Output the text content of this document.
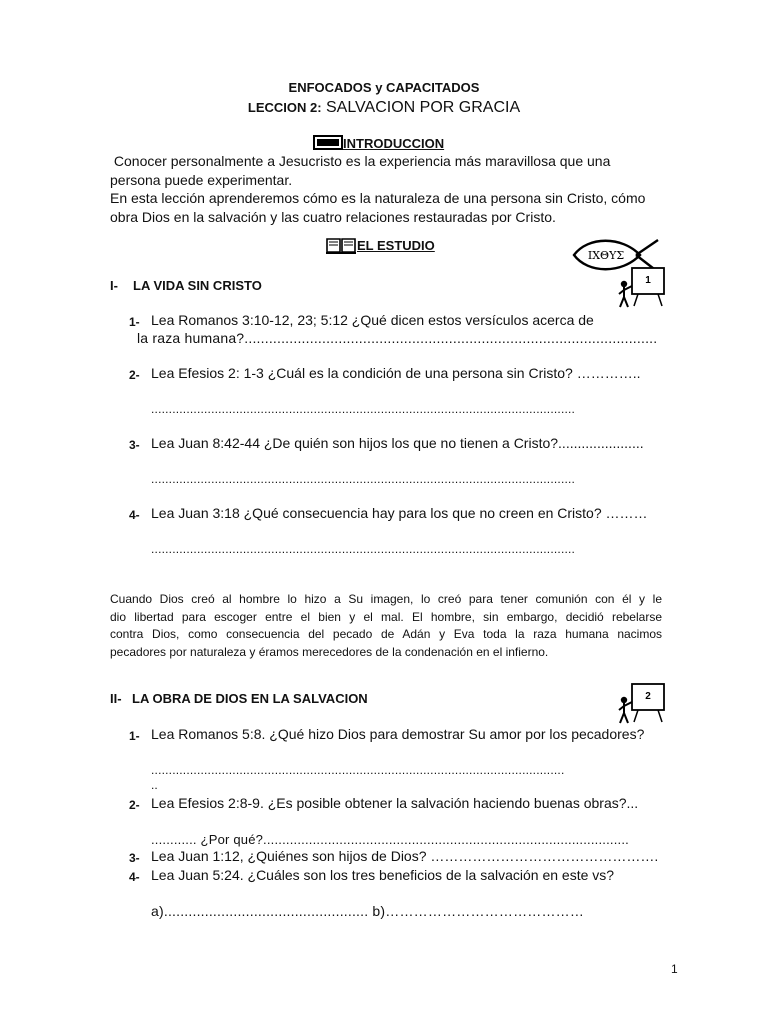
ENFOCADOS y CAPACITADOS
LECCION 2: SALVACION POR GRACIA
INTRODUCCION
Conocer personalmente a Jesucristo es la experiencia más maravillosa que una
persona puede experimentar.
En esta lección aprenderemos cómo es la naturaleza de una persona sin Cristo, cómo
obra Dios en la salvación y las cuatro relaciones restauradas por Cristo.
EL ESTUDIO
IXΘYΣ
I- LA VIDA SIN CRISTO	1
1- Lea Romanos 3:10-12, 23; 5:12 ¿Qué dicen estos versículos acerca de
la raza humana?.....................................................................................................
2- Lea Efesios 2: 1-3 ¿Cuál es la condición de una persona sin Cristo? …………..
........................................................................................................................
3- Lea Juan 8:42-44 ¿De quién son hijos los que no tienen a Cristo?......................
........................................................................................................................
4- Lea Juan 3:18 ¿Qué consecuencia hay para los que no creen en Cristo? ………
........................................................................................................................
Cuando Dios creó al hombre lo hizo a Su imagen, lo creó para tener comunión con él y le
dio libertad para escoger entre el bien y el mal. El hombre, sin embargo, decidió rebelarse
contra Dios, como consecuencia del pecado de Adán y Eva toda la raza humana nacimos
pecadores por naturaleza y éramos merecedores de la condenación en el infierno.
II- LA OBRA DE DIOS EN LA SALVACION	2
1- Lea Romanos 5:8. ¿Qué hizo Dios para demostrar Su amor por los pecadores?
.....................................................................................................................
..
2- Lea Efesios 2:8-9. ¿Es posible obtener la salvación haciendo buenas obras?...
............ ¿Por qué?................................................................................................
3- Lea Juan 1:12, ¿Quiénes son hijos de Dios? ………………………………………….
4- Lea Juan 5:24. ¿Cuáles son los tres beneficios de la salvación en este vs?
a).................................................. b)……………………………………
1
